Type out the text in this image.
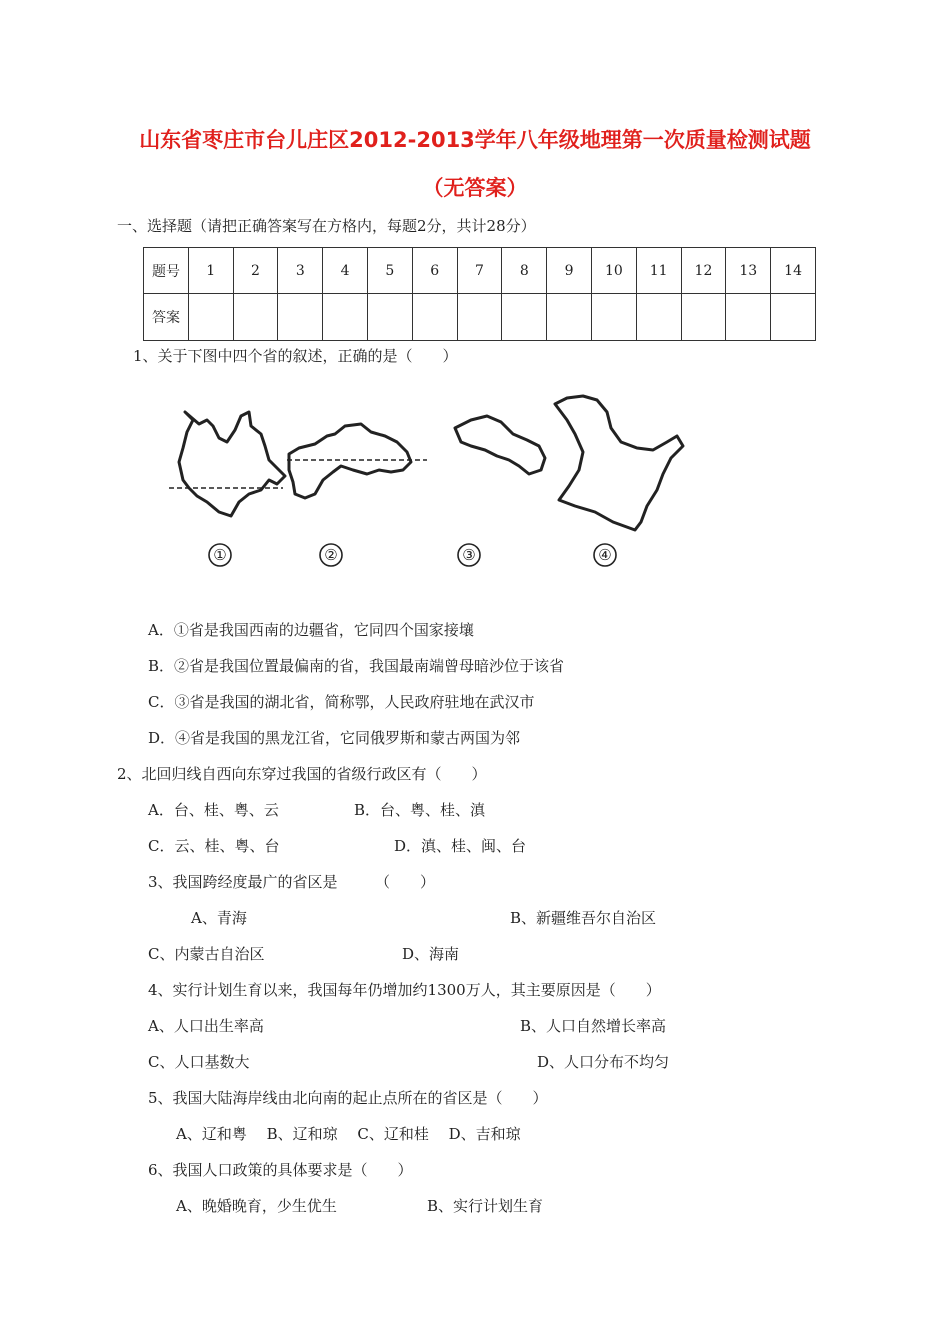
山东省枣庄市台儿庄区2012-2013学年八年级地理第一次质量检测试题
（无答案）
一、选择题（请把正确答案写在方格内，每题2分，共计28分）
题号	1	2	3	4	5	6	7	8	9	10	11	12	13	14
答案														
1、关于下图中四个省的叙述，正确的是（　　）
①	②	③	④
A．①省是我国西南的边疆省，它同四个国家接壤
B．②省是我国位置最偏南的省，我国最南端曾母暗沙位于该省
C．③省是我国的湖北省，简称鄂，人民政府驻地在武汉市
D．④省是我国的黑龙江省，它同俄罗斯和蒙古两国为邻
2、北回归线自西向东穿过我国的省级行政区有（　　）
A．台、桂、粤、云	B．台、粤、桂、滇
C．云、桂、粤、台	D．滇、桂、闽、台
3、我国跨经度最广的省区是　　　（　　）
A、青海	B、新疆维吾尔自治区
C、内蒙古自治区	D、海南
4、实行计划生育以来，我国每年仍增加约1300万人，其主要原因是（　　）
A、人口出生率高	B、人口自然增长率高
C、人口基数大	D、人口分布不均匀
5、我国大陆海岸线由北向南的起止点所在的省区是（　　）
A、辽和粤　 B、辽和琼　 C、辽和桂　 D、吉和琼
6、我国人口政策的具体要求是（　　）
A、晚婚晚育，少生优生	B、实行计划生育
